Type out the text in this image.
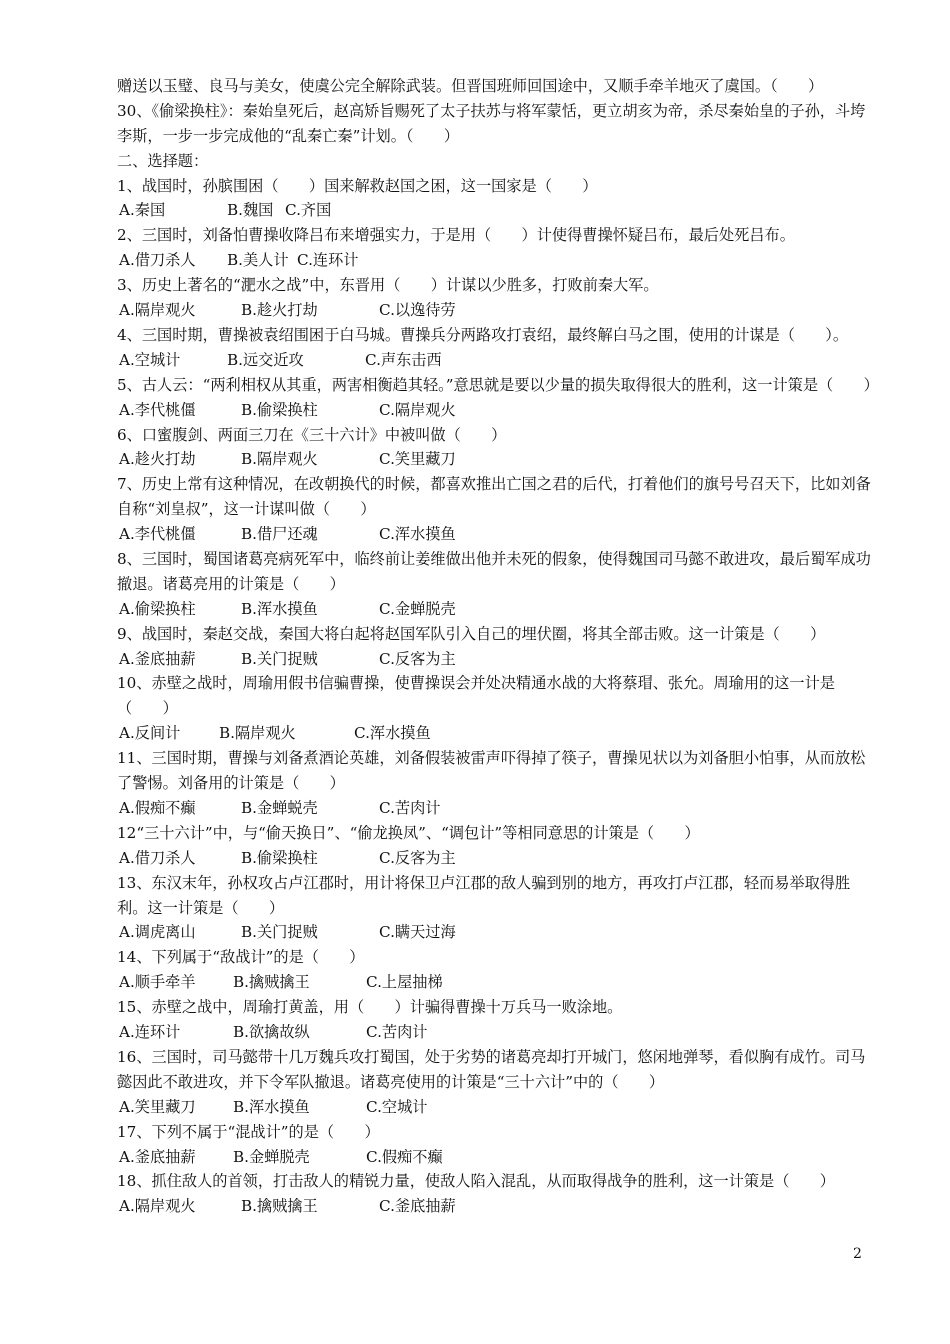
赠送以玉璧、良马与美女，使虞公完全解除武装。但晋国班师回国途中，又顺手牵羊地灭了虞国。（　　）
30、《偷梁换柱》：秦始皇死后，赵高矫旨赐死了太子扶苏与将军蒙恬，更立胡亥为帝，杀尽秦始皇的子孙，斗垮李斯，一步一步完成他的“乱秦亡秦”计划。（　　）
二、选择题：
1、战国时，孙膑围困（　　）国来解救赵国之困，这一国家是（　　）
A.秦国	B.魏国 C.齐国
2、三国时，刘备怕曹操收降吕布来增强实力，于是用（　　）计使得曹操怀疑吕布，最后处死吕布。
A.借刀杀人 B.美人计 C.连环计
3、历史上著名的“淝水之战”中，东晋用（　　）计谋以少胜多，打败前秦大军。
A.隔岸观火	B.趁火打劫	C.以逸待劳
4、三国时期，曹操被袁绍围困于白马城。曹操兵分两路攻打袁绍，最终解白马之围，使用的计谋是（　　）。
A.空城计	B.远交近攻	C.声东击西
5、古人云：“两利相权从其重，两害相衡趋其轻。”意思就是要以少量的损失取得很大的胜利，这一计策是（　　）
A.李代桃僵	B.偷梁换柱	C.隔岸观火
6、口蜜腹剑、两面三刀在《三十六计》中被叫做（　　）
A.趁火打劫	B.隔岸观火	C.笑里藏刀
7、历史上常有这种情况，在改朝换代的时候，都喜欢推出亡国之君的后代，打着他们的旗号号召天下，比如刘备自称“刘皇叔”，这一计谋叫做（　　）
A.李代桃僵	B.借尸还魂	C.浑水摸鱼
8、三国时，蜀国诸葛亮病死军中，临终前让姜维做出他并未死的假象，使得魏国司马懿不敢进攻，最后蜀军成功撤退。诸葛亮用的计策是（　　）
A.偷梁换柱	B.浑水摸鱼	C.金蝉脱壳
9、战国时，秦赵交战，秦国大将白起将赵国军队引入自己的埋伏圈，将其全部击败。这一计策是（　　）
A.釜底抽薪	B.关门捉贼	C.反客为主
10、赤壁之战时，周瑜用假书信骗曹操，使曹操误会并处决精通水战的大将蔡瑁、张允。周瑜用的这一计是（　　）
A.反间计	B.隔岸观火	C.浑水摸鱼
11、三国时期，曹操与刘备煮酒论英雄，刘备假装被雷声吓得掉了筷子，曹操见状以为刘备胆小怕事，从而放松了警惕。刘备用的计策是（　　）
A.假痴不癫	B.金蝉蜕壳	C.苦肉计
12“三十六计”中，与“偷天换日”、“偷龙换凤”、“调包计”等相同意思的计策是（　　）
A.借刀杀人	B.偷梁换柱	C.反客为主
13、东汉末年，孙权攻占卢江郡时，用计将保卫卢江郡的敌人骗到别的地方，再攻打卢江郡，轻而易举取得胜利。这一计策是（　　）
A.调虎离山	B.关门捉贼	C.瞒天过海
14、下列属于“敌战计”的是（　　）
A.顺手牵羊 B.擒贼擒王	C.上屋抽梯
15、赤壁之战中，周瑜打黄盖，用（　　）计骗得曹操十万兵马一败涂地。
A.连环计	B.欲擒故纵	C.苦肉计
16、三国时，司马懿带十几万魏兵攻打蜀国，处于劣势的诸葛亮却打开城门，悠闲地弹琴，看似胸有成竹。司马懿因此不敢进攻，并下令军队撤退。诸葛亮使用的计策是“三十六计”中的（　　）
A.笑里藏刀 B.浑水摸鱼	C.空城计
17、下列不属于“混战计”的是（　　）
A.釜底抽薪 B.金蝉脱壳	C.假痴不癫
18、抓住敌人的首领，打击敌人的精锐力量，使敌人陷入混乱，从而取得战争的胜利，这一计策是（　　）
A.隔岸观火	B.擒贼擒王	C.釜底抽薪
2
